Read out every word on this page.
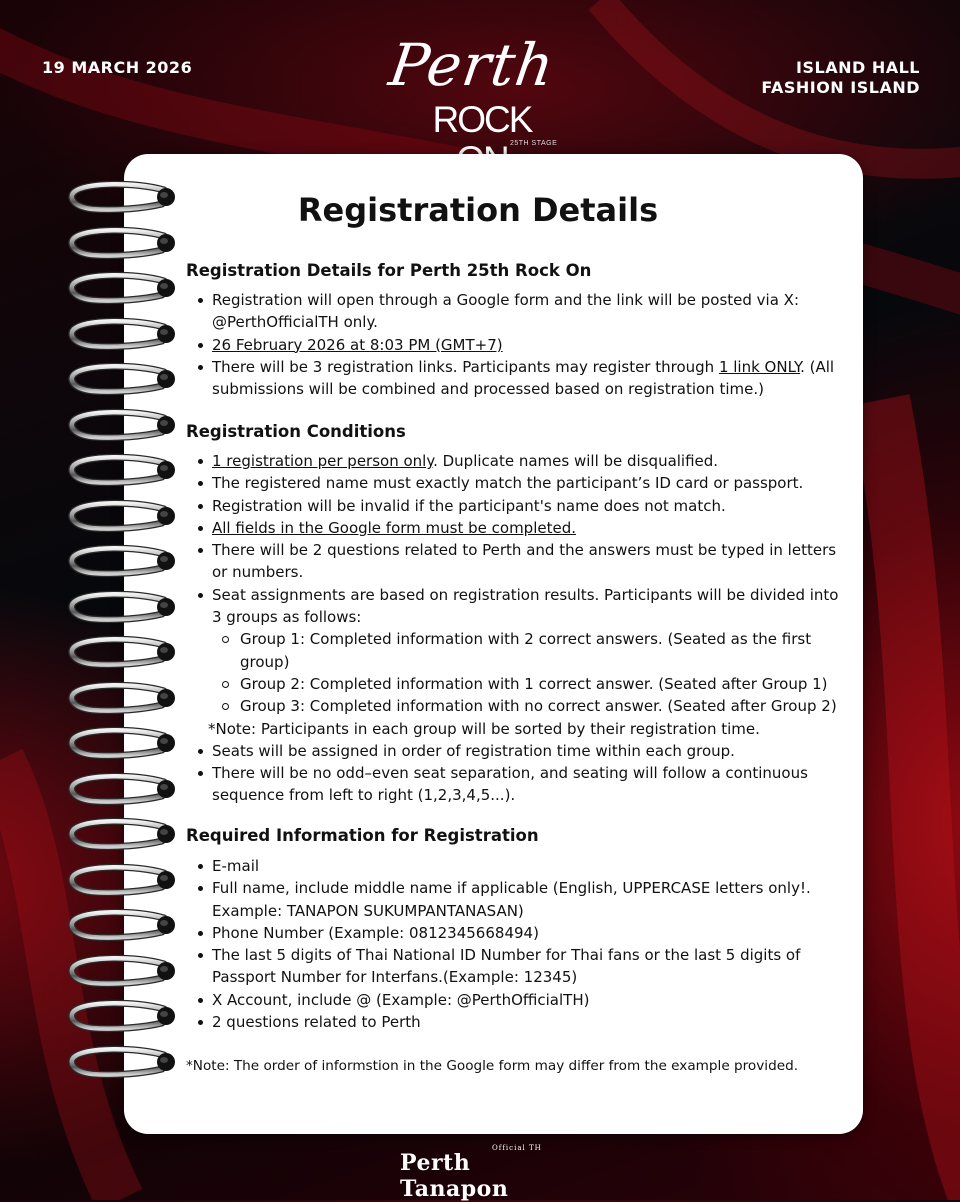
19 MARCH 2026	ISLAND HALL
FASHION ISLAND
Perth
ROCK
25TH STAGE
Registration Details
Registration Details for Perth 25th Rock On
Registration will open through a Google form and the link will be posted via X: @PerthOfficialTH only.
26 February 2026 at 8:03 PM (GMT+7)
There will be 3 registration links. Participants may register through 1 link ONLY. (All submissions will be combined and processed based on registration time.)
Registration Conditions
1 registration per person only. Duplicate names will be disqualified.
The registered name must exactly match the participant’s ID card or passport.
Registration will be invalid if the participant's name does not match.
All fields in the Google form must be completed.
There will be 2 questions related to Perth and the answers must be typed in letters or numbers.
Seat assignments are based on registration results. Participants will be divided into 3 groups as follows:
Group 1: Completed information with 2 correct answers. (Seated as the first group)
Group 2: Completed information with 1 correct answer. (Seated after Group 1)
Group 3: Completed information with no correct answer. (Seated after Group 2)
*Note: Participants in each group will be sorted by their registration time.
Seats will be assigned in order of registration time within each group.
There will be no odd–even seat separation, and seating will follow a continuous sequence from left to right (1,2,3,4,5...).
Required Information for Registration
E-mail
Full name, include middle name if applicable (English, UPPERCASE letters only!. Example: TANAPON SUKUMPANTANASAN)
Phone Number (Example: 0812345668494)
The last 5 digits of Thai National ID Number for Thai fans or the last 5 digits of Passport Number for Interfans.(Example: 12345)
X Account, include @ (Example: @PerthOfficialTH)
2 questions related to Perth
*Note: The order of informstion in the Google form may differ from the example provided.
Official TH
Perth Tanapon
